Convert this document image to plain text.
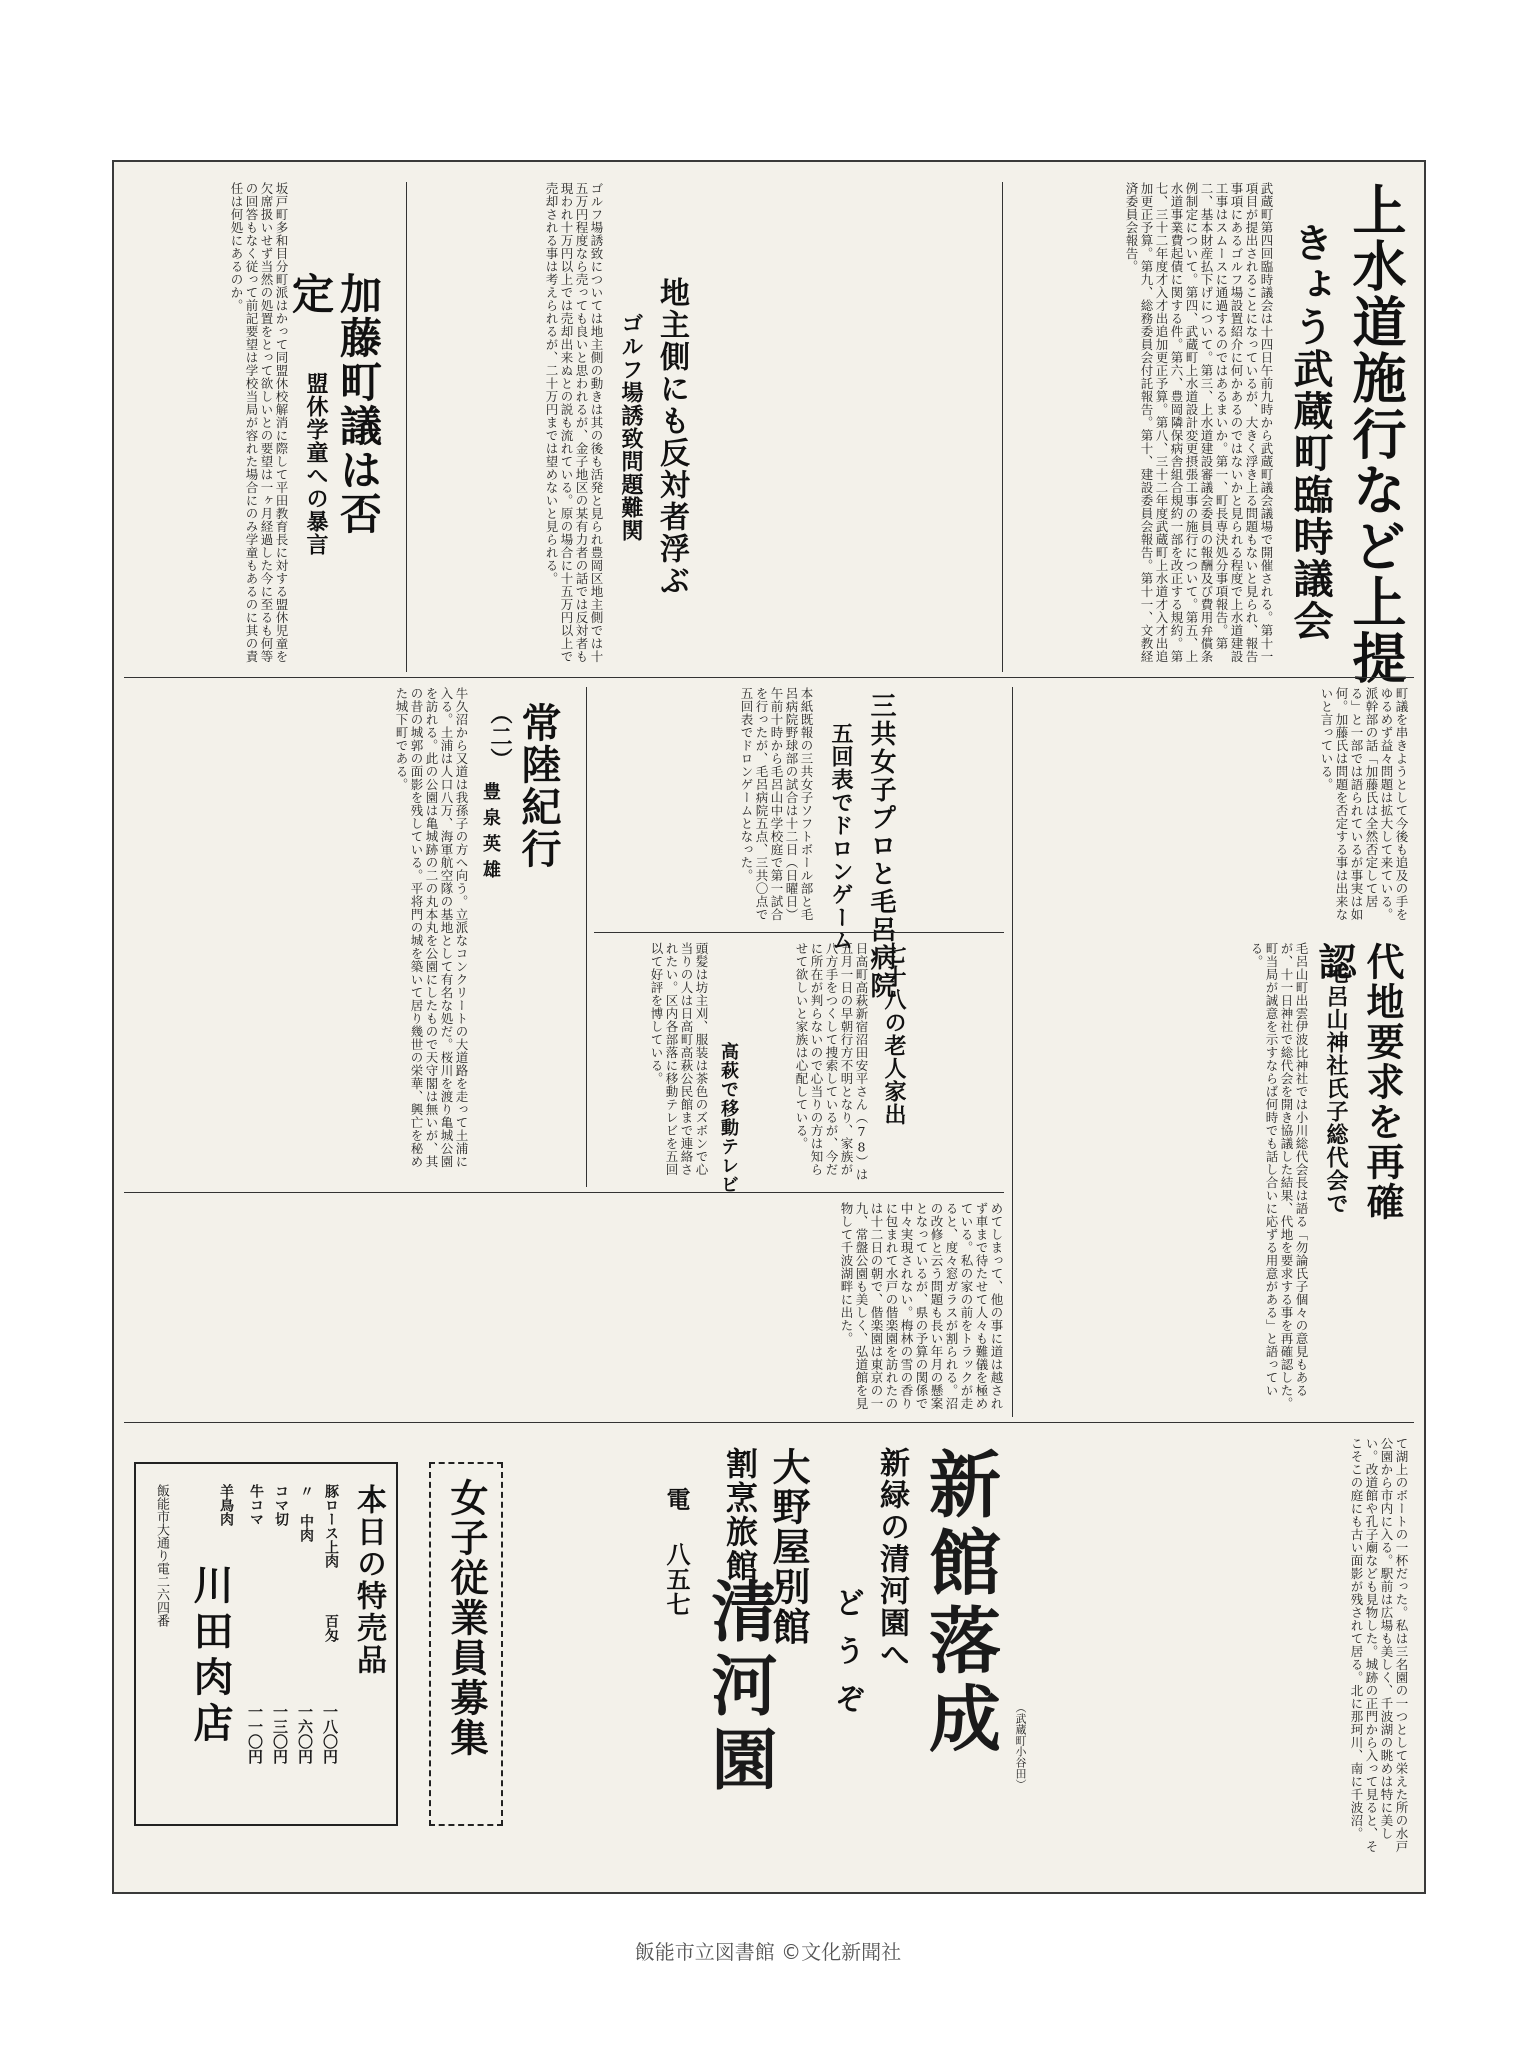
上水道施行など上提
きょう武蔵町臨時議会
武蔵町第四回臨時議会は十四日午前九時から武蔵町議会議場で開催される。第十一項目が提出されることになっているが、大きく浮き上る問題もないと見られ、報告事項にあるゴルフ場設置紹介に何かあるのではないかと見られる程度で上水道建設工事はスムースに通過するのではあるまいか。第一、町長専決処分事項報告。第二、基本財産払下げについて。第三、上水道建設審議会委員の報酬及び費用弁償条例制定について。第四、武蔵町上水道設計変更摂張工事の施行について。第五、上水道事業費起債に関する件。第六、豊岡隣保病舎組合規約一部を改正する規約。第七、三十二年度才入才出追加更正予算。第八、三十二年度武蔵町上水道才入才出追加更正予算。第九、総務委員会付託報告。第十、建設委員会報告。第十一、文教経済委員会報告。
地主側にも反対者浮ぶ
ゴルフ場誘致問題難関
ゴルフ場誘致については地主側の動きは其の後も活発と見られ豊岡区地主側では十五万円程度なら売っても良いと思われるが、金子地区の某有力者の話では反対者も現われ十万円以上では売却出来ぬとの説も流れている。原の場合に十五万円以上で売却される事は考えられるが、二十万円までは望めないと見られる。
加藤町議は否定
盟休学童への暴言
坂戸町多和目分町派はかって同盟休校解消に際して平田教育長に対する盟休児童を欠席扱いせず当然の処置をとって欲しいとの要望は一ヶ月経過した今に至るも何等の回答もなく従って前記要望は学校当局が容れた場合にのみ学童もあるのに其の責任は何処にあるのか。
町議を串きようとして今後も追及の手をゆるめず益々問題は拡大して来ている。派幹部の話「加藤氏は全然否定して居る」と一部では語られているが事実は如何。加藤氏は問題を否定する事は出来ないと言っている。
代地要求を再確認
毛呂山神社氏子総代会で
毛呂山町出雲伊波比神社では小川総代会長は語る「勿論氏子個々の意見もあるが、十一日神社で総代会を開き協議した結果、代地を要求する事を再確認した。町当局が誠意を示すならば何時でも話し合いに応ずる用意がある」と語っている。
三共女子プロと毛呂病院
五回表でドロンゲーム
本紙既報の三共女子ソフトボール部と毛呂病院野球部の試合は十二日（日曜日）午前十時から毛呂山中学校庭で第一試合を行ったが、毛呂病院五点、三共〇点で五回表でドロンゲームとなった。
七十八の老人家出
日高町高萩新宿沼田安平さん（78）は五月一日の早朝行方不明となり、家族が八方手をつくして捜索しているが、今だに所在が判らないので心当りの方は知らせて欲しいと家族は心配している。
高萩で移動テレビ
頭髪は坊主刈、服装は茶色のズボンで心当りの人は日高町高萩公民館まで連絡されたい。区内各部落に移動テレビを五回以て好評を博している。
常陸紀行 （二）
豊泉英雄
牛久沼から又道は我孫子の方へ向う。立派なコンクリートの大道路を走って土浦に入る。土浦は人口八万、海軍航空隊の基地として有名な処だ。桜川を渡り亀城公園を訪れる。此の公園は亀城跡の二の丸本丸を公園にしたもので天守閣は無いが、其の昔の城郭の面影を残している。平将門の城を築いて居り幾世の栄華、興亡を秘めた城下町である。
めてしまって、他の事に道は越されず車まで待たせて人々も難儀を極めている。私の家の前をトラックが走ると、度々窓ガラスが割られる。沼の改修と云う問題も長い年月の懸案となっているが、県の予算の関係で中々実現されない。梅林の雪の香りに包まれて水戸の偕楽園を訪れたのは十二日の朝で、偕楽園は東京の一九、常盤公園も美しく、弘道館を見物して千波湖畔に出た。
て湖上のボートの一杯だった。私は三名園の一つとして栄えた所の水戸公園から市内に入る。駅前は広場も美しく、千波湖の眺めは特に美しい。改道館や孔子廟なども見物した。城跡の正門から入って見ると、そこそこの庭にも古い面影が残されて居る。北に那珂川、南に千波沼。
（武蔵町小谷田）
新館落成
新緑の清河園へ
どうぞ
大野屋別館
割烹旅館
清河園
電 八五七
女子従業員募集
本日の特売品
百匁
豚ロース上肉
一八〇円
〃 中肉
一六〇円
コマ切
一三〇円
牛コマ
一一〇円
羊鳥肉
川田肉店
飯能市大通り電二六四番
飯能市立図書館 ©文化新聞社
